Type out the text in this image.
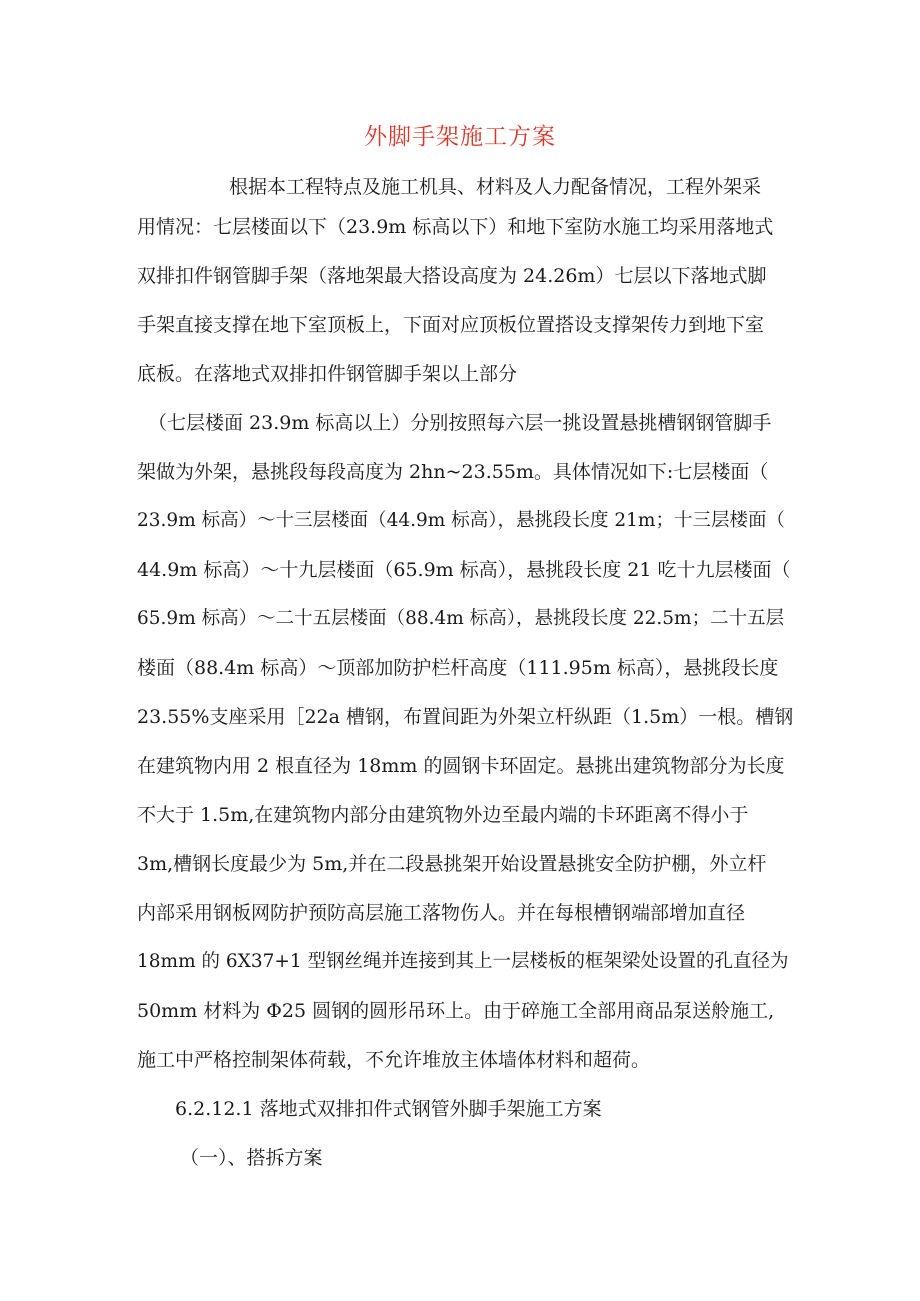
外脚手架施工方案
根据本工程特点及施工机具、材料及人力配备情况，工程外架采
用情况：七层楼面以下（23.9m 标高以下）和地下室防水施工均采用落地式
双排扣件钢管脚手架（落地架最大搭设高度为 24.26m）七层以下落地式脚
手架直接支撑在地下室顶板上，下面对应顶板位置搭设支撑架传力到地下室
底板。在落地式双排扣件钢管脚手架以上部分
（七层楼面 23.9m 标高以上）分别按照每六层一挑设置悬挑槽钢钢管脚手
架做为外架，悬挑段每段高度为 2hn~23.55m。具体情况如下:七层楼面（
23.9m 标高）～十三层楼面（44.9m 标高），悬挑段长度 21m；十三层楼面（
44.9m 标高）～十九层楼面（65.9m 标高），悬挑段长度 21 吃十九层楼面（
65.9m 标高）～二十五层楼面（88.4m 标高），悬挑段长度 22.5m；二十五层
楼面（88.4m 标高）～顶部加防护栏杆高度（111.95m 标高），悬挑段长度
23.55%支座采用［22a 槽钢，布置间距为外架立杆纵距（1.5m）一根。槽钢
在建筑物内用 2 根直径为 18mm 的圆钢卡环固定。悬挑出建筑物部分为长度
不大于 1.5m,在建筑物内部分由建筑物外边至最内端的卡环距离不得小于
3m,槽钢长度最少为 5m,并在二段悬挑架开始设置悬挑安全防护棚，外立杆
内部采用钢板网防护预防高层施工落物伤人。并在每根槽钢端部增加直径
18mm 的 6X37+1 型钢丝绳并连接到其上一层楼板的框架梁处设置的孔直径为
50mm 材料为 Φ25 圆钢的圆形吊环上。由于碎施工全部用商品泵送舲施工,
施工中严格控制架体荷载，不允许堆放主体墙体材料和超荷。
6.2.12.1 落地式双排扣件式钢管外脚手架施工方案
（一）、搭拆方案
